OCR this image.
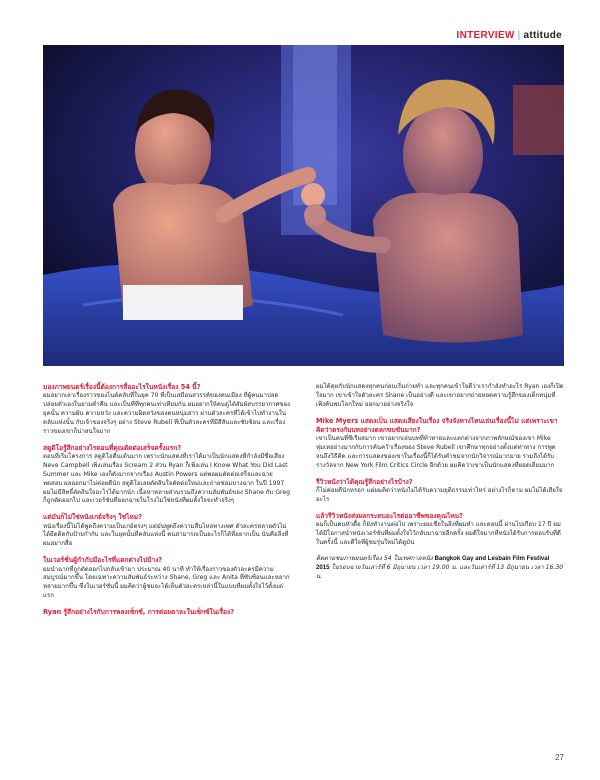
INTERVIEW | attitude
มองภาพยนตร์เรื่องนี้ต้องการสื่ออะไรในหนังเรื่อง 54 นี้?
ผมอยากเล่าเรื่องราวของไนต์คลับที่ในยุค 70 ที่เป็นเสมือนสวรรค์ของคนเมือง ที่ผู้คนมาปลดปล่อยตัวเองในยามค่ำคืน และเป็นที่ที่ทุกคนเท่าเทียมกัน ผมอยากให้คนดูได้สัมผัสบรรยากาศของยุคนั้น ความฝัน ความหวัง และความผิดหวังของคนหนุ่มสาว ผ่านตัวละครที่ได้เข้าไปทำงานในคลับแห่งนั้น กับเจ้าของจริงๆ อย่าง Steve Rubell ที่เป็นตัวละครที่มีสีสันและซับซ้อน และเรื่องราวของเขาก็น่าสนใจมาก
สตูดิโอรู้สึกอย่างไรตอนที่คุณตัดต่อเสร็จครั้งแรก?
ตอนที่เริ่มโครงการ สตูดิโอตื่นเต้นมาก เพราะนักแสดงที่เราได้มาเป็นนักแสดงที่กำลังมีชื่อเสียง Neve Campbell เพิ่งเล่นเรื่อง Scream 2 ส่วน Ryan ก็เพิ่งเล่น I Know What You Did Last Summer และ Mike เองก็ดังมากจากเรื่อง Austin Powers แต่พอผมตัดต่อเสร็จและฉายทดสอบ ผลออกมาไม่ค่อยดีนัก สตูดิโอเลยตัดสินใจตัดต่อใหม่และถ่ายซ่อมบางฉาก ในปี 1997 ผมไม่มีสิทธิ์ตัดสินใจอะไรได้มากนัก เนื้อหาหลายส่วนรวมถึงความสัมพันธ์ของ Shane กับ Greg ก็ถูกตัดออกไป และเวอร์ชันที่ออกฉายในโรงไม่ใช่หนังที่ผมตั้งใจจะทำจริงๆ
แต่มันก็ไม่ใช่หนังเกย์จริงๆ ใช่ไหม?
หนังเรื่องนี้ไม่ได้พูดถึงความเป็นเกย์ตรงๆ แต่มันพูดถึงความลื่นไหลทางเพศ ตัวละครหลายตัวไม่ได้ยึดติดกับป้ายกำกับ และในยุคนั้นที่คลับแห่งนี้ คนสามารถเป็นอะไรก็ได้ที่อยากเป็น นั่นคือสิ่งที่ผมอยากสื่อ
ในเวอร์ชั่นผู้กำกับมีอะไรที่แตกต่างไปบ้าง?
ผมนำฉากที่ถูกตัดออกไปกลับเข้ามา ประมาณ 40 นาที ทำให้เรื่องราวของตัวละครมีความสมบูรณ์มากขึ้น โดยเฉพาะความสัมพันธ์ระหว่าง Shane, Greg และ Anita ที่ซับซ้อนและหลากหลายมากขึ้น ซึ่งในเวอร์ชั่นนี้ ผมคิดว่าผู้ชมจะได้เห็นตัวละครเหล่านี้ในแบบที่ผมตั้งใจไว้ตั้งแต่แรก
Ryan รู้สึกอย่างไรกับการพลงเซ็กซ์, การต่อยตาละในเซ็กซ์ในเรื่อง?
ผมได้คุยกับนักแสดงทุกคนก่อนเริ่มถ่ายทำ และทุกคนเข้าใจดีว่าเรากำลังทำอะไร Ryan เองก็เปิดใจมาก เขาเข้าใจตัวละคร Shane เป็นอย่างดี และเขาอยากถ่ายทอดความรู้สึกของเด็กหนุ่มที่เพิ่งค้นพบโลกใหม่ ออกมาอย่างจริงใจ
Mike Myers แสดงเป็น แสดงเสียงในเรื่อง จริงจังทางไหนเล่นเรื่องนี้ไม่ แต่เพราะเขาคิดว่าตรงกับบทอย่างตลกขบขันมาก?
เขาเป็นคนที่ซีเรียสมาก เขาอยากเล่นบทที่ท้าทายและแตกต่างจากภาพลักษณ์ของเขา Mike ทุ่มเทอย่างมากกับการค้นคว้าเรื่องของ Steve Rubell เขาศึกษาทุกอย่างตั้งแต่ท่าทาง การพูด จนถึงวิธีคิด และการแสดงของเขาในเรื่องนี้ก็ได้รับคำชมจากนักวิจารณ์มากมาย รวมถึงได้รับรางวัลจาก New York Film Critics Circle อีกด้วย ผมคิดว่าเขาเป็นนักแสดงที่ยอดเยี่ยมมาก
รีวิวหนังว่าได้คุณรู้สึกอย่างไรบ้าง?
ก็ไม่ค่อยดีนักหรอก แต่ผมคิดว่าหนังไม่ได้รับความยุติธรรมเท่าไหร่ อย่างไรก็ตาม ผมไม่ได้เสียใจอะไร
แล้วรีวิวหนังส่งผลกระทบอะไรต่ออาชีพของคุณไหม?
ผมก็เป็นคนหัวดื้อ ก็ยังทำงานต่อไป เพราะผมเชื่อในสิ่งที่ผมทำ และตอนนี้ ผ่านไปเกือบ 17 ปี ผมได้มีโอกาสนำหนังเวอร์ชั่นที่ผมตั้งใจไว้กลับมาฉายอีกครั้ง ผมดีใจมากที่หนังได้รับการตอบรับที่ดีในครั้งนี้ และดีใจที่ผู้ชมรุ่นใหม่ได้ดูมัน
ติดตามชมภาพยนตร์เรื่อง 54 ในเทศกาลหนัง Bangkok Gay and Lesbain Film Festival 2015 ในรอบฉายวันเสาร์ที่ 6 มิถุนายน เวลา 19.00 น. และวันเสาร์ที่ 13 มิถุนายน เวลา 16.30 น.
27
